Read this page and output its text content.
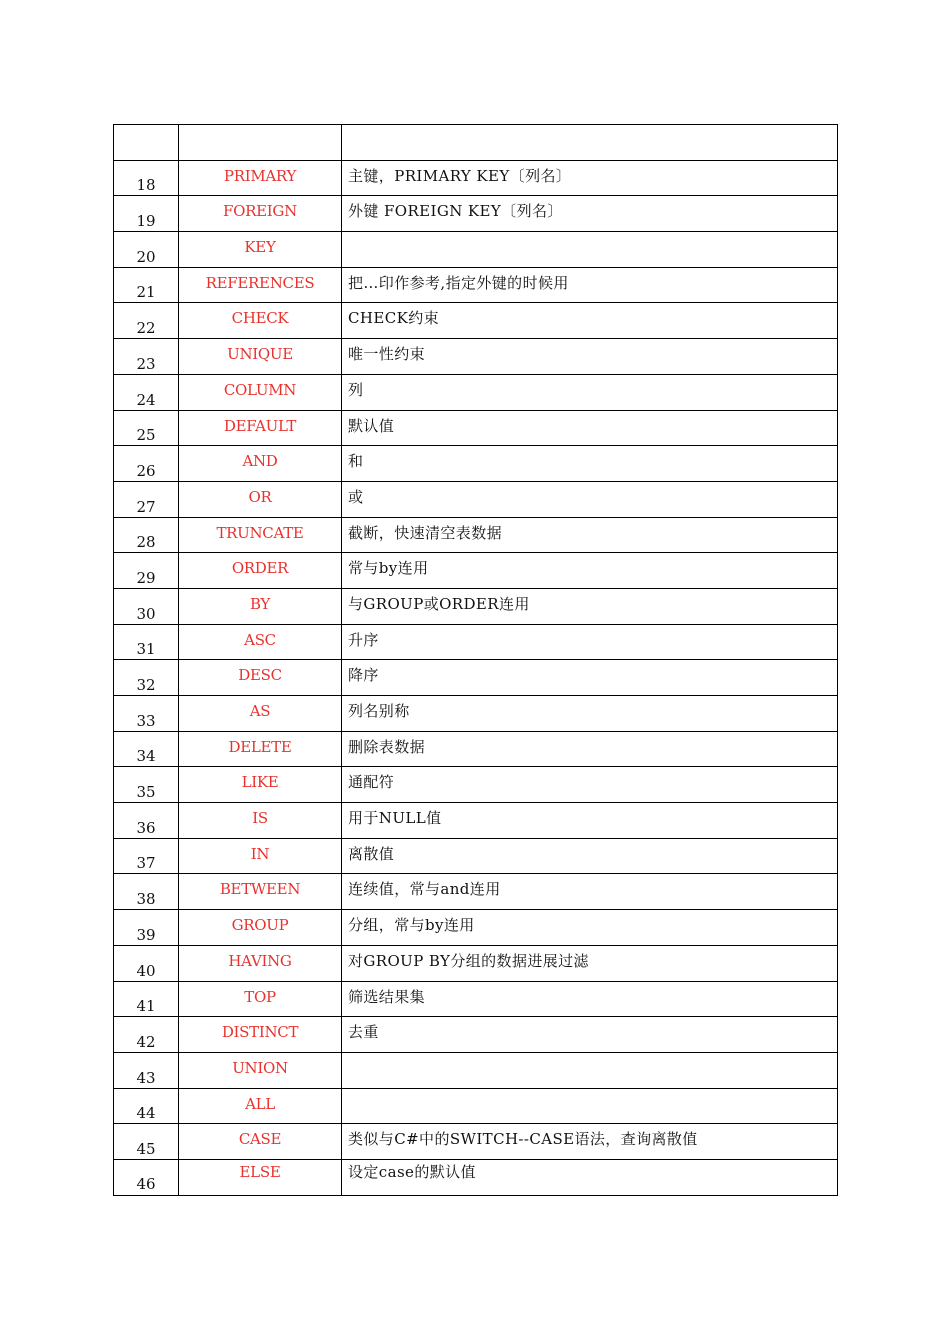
18	PRIMARY	主键，PRIMARY KEY〔列名〕
19	FOREIGN	外键 FOREIGN KEY〔列名〕
20	KEY	
21	REFERENCES	把…印作参考,指定外键的时候用
22	CHECK	CHECK约束
23	UNIQUE	唯一性约束
24	COLUMN	列
25	DEFAULT	默认值
26	AND	和
27	OR	或
28	TRUNCATE	截断，快速清空表数据
29	ORDER	常与by连用
30	BY	与GROUP或ORDER连用
31	ASC	升序
32	DESC	降序
33	AS	列名别称
34	DELETE	删除表数据
35	LIKE	通配符
36	IS	用于NULL值
37	IN	离散值
38	BETWEEN	连续值，常与and连用
39	GROUP	分组，常与by连用
40	HAVING	对GROUP BY分组的数据进展过滤
41	TOP	筛选结果集
42	DISTINCT	去重
43	UNION	
44	ALL	
45	CASE	类似与C#中的SWITCH--CASE语法，查询离散值
46	ELSE	设定case的默认值
